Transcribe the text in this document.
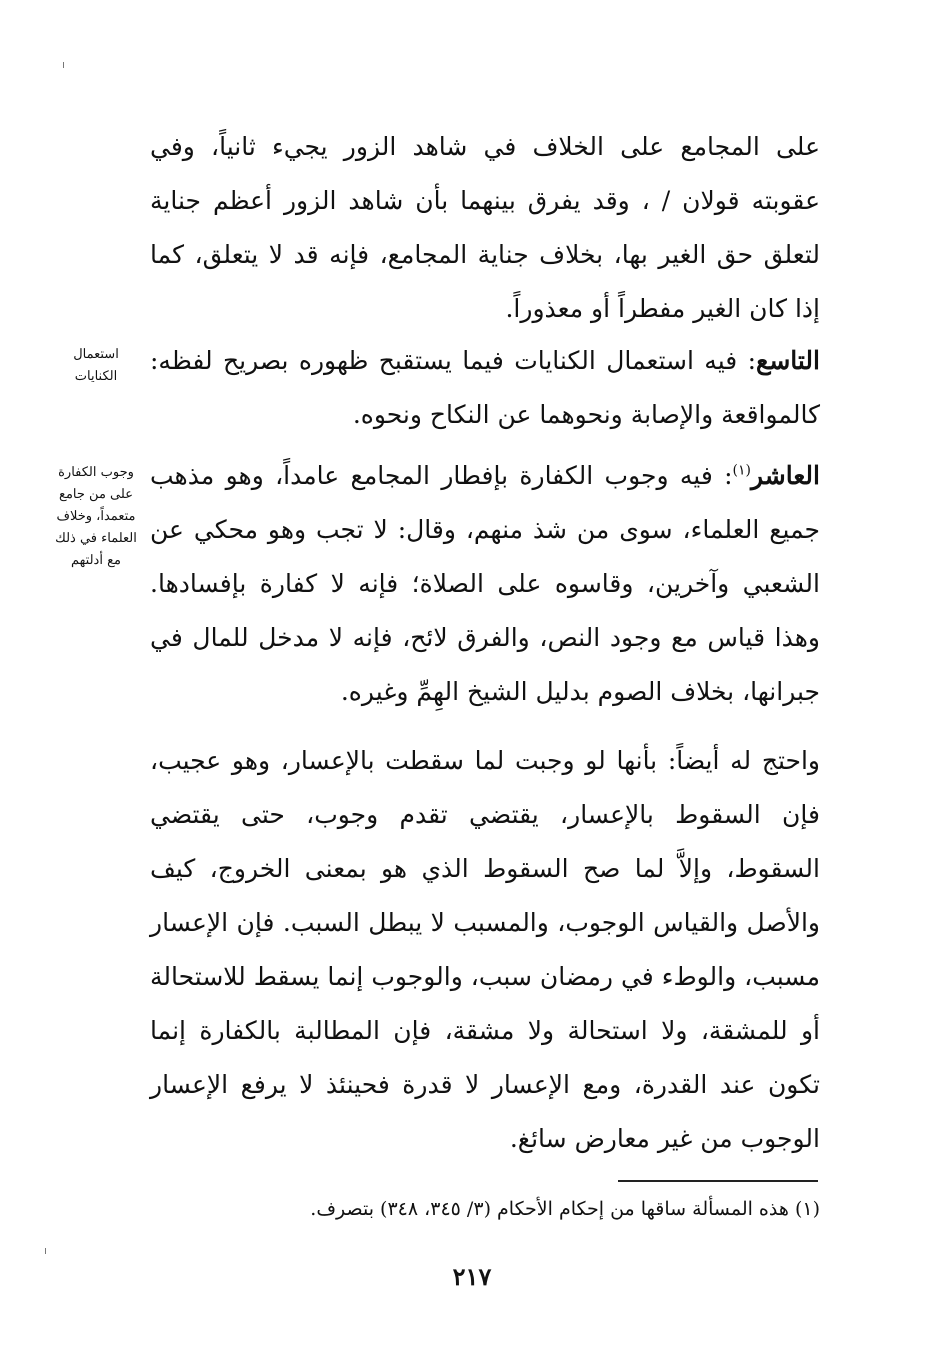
على المجامع على الخلاف في شاهد الزور يجيء ثانياً، وفي عقوبته قولان / ، وقد يفرق بينهما بأن شاهد الزور أعظم جناية لتعلق حق الغير بها، بخلاف جناية المجامع، فإنه قد لا يتعلق، كما إذا كان الغير مفطراً أو معذوراً.

التاسع: فيه استعمال الكنايات فيما يستقبح ظهوره بصريح لفظه: كالمواقعة والإصابة ونحوهما عن النكاح ونحوه.

العاشر$^{(١)}$: فيه وجوب الكفارة بإفطار المجامع عامداً، وهو مذهب جميع العلماء، سوى من شذ منهم، وقال: لا تجب وهو محكي عن الشعبي وآخرين، وقاسوه على الصلاة؛ فإنه لا كفارة بإفسادها. وهذا قياس مع وجود النص، والفرق لائح، فإنه لا مدخل للمال في جبرانها، بخلاف الصوم بدليل الشيخ الهِمِّ وغيره.

واحتج له أيضاً: بأنها لو وجبت لما سقطت بالإعسار، وهو عجيب، فإن السقوط بالإعسار، يقتضي تقدم وجوب، حتى يقتضي السقوط، وإلاَّ لما صح السقوط الذي هو بمعنى الخروج، كيف والأصل والقياس الوجوب، والمسبب لا يبطل السبب. فإن الإعسار مسبب، والوطء في رمضان سبب، والوجوب إنما يسقط للاستحالة أو للمشقة، ولا استحالة ولا مشقة، فإن المطالبة بالكفارة إنما تكون عند القدرة، ومع الإعسار لا قدرة فحينئذ لا يرفع الإعسار الوجوب من غير معارض سائغ.

استعمال الكنايات

وجوب الكفارة على من جامع متعمداً، وخلاف العلماء في ذلك مع أدلتهم

(١) هذه المسألة ساقها من إحكام الأحكام (٣/ ٣٤٥، ٣٤٨) بتصرف.

٢١٧
